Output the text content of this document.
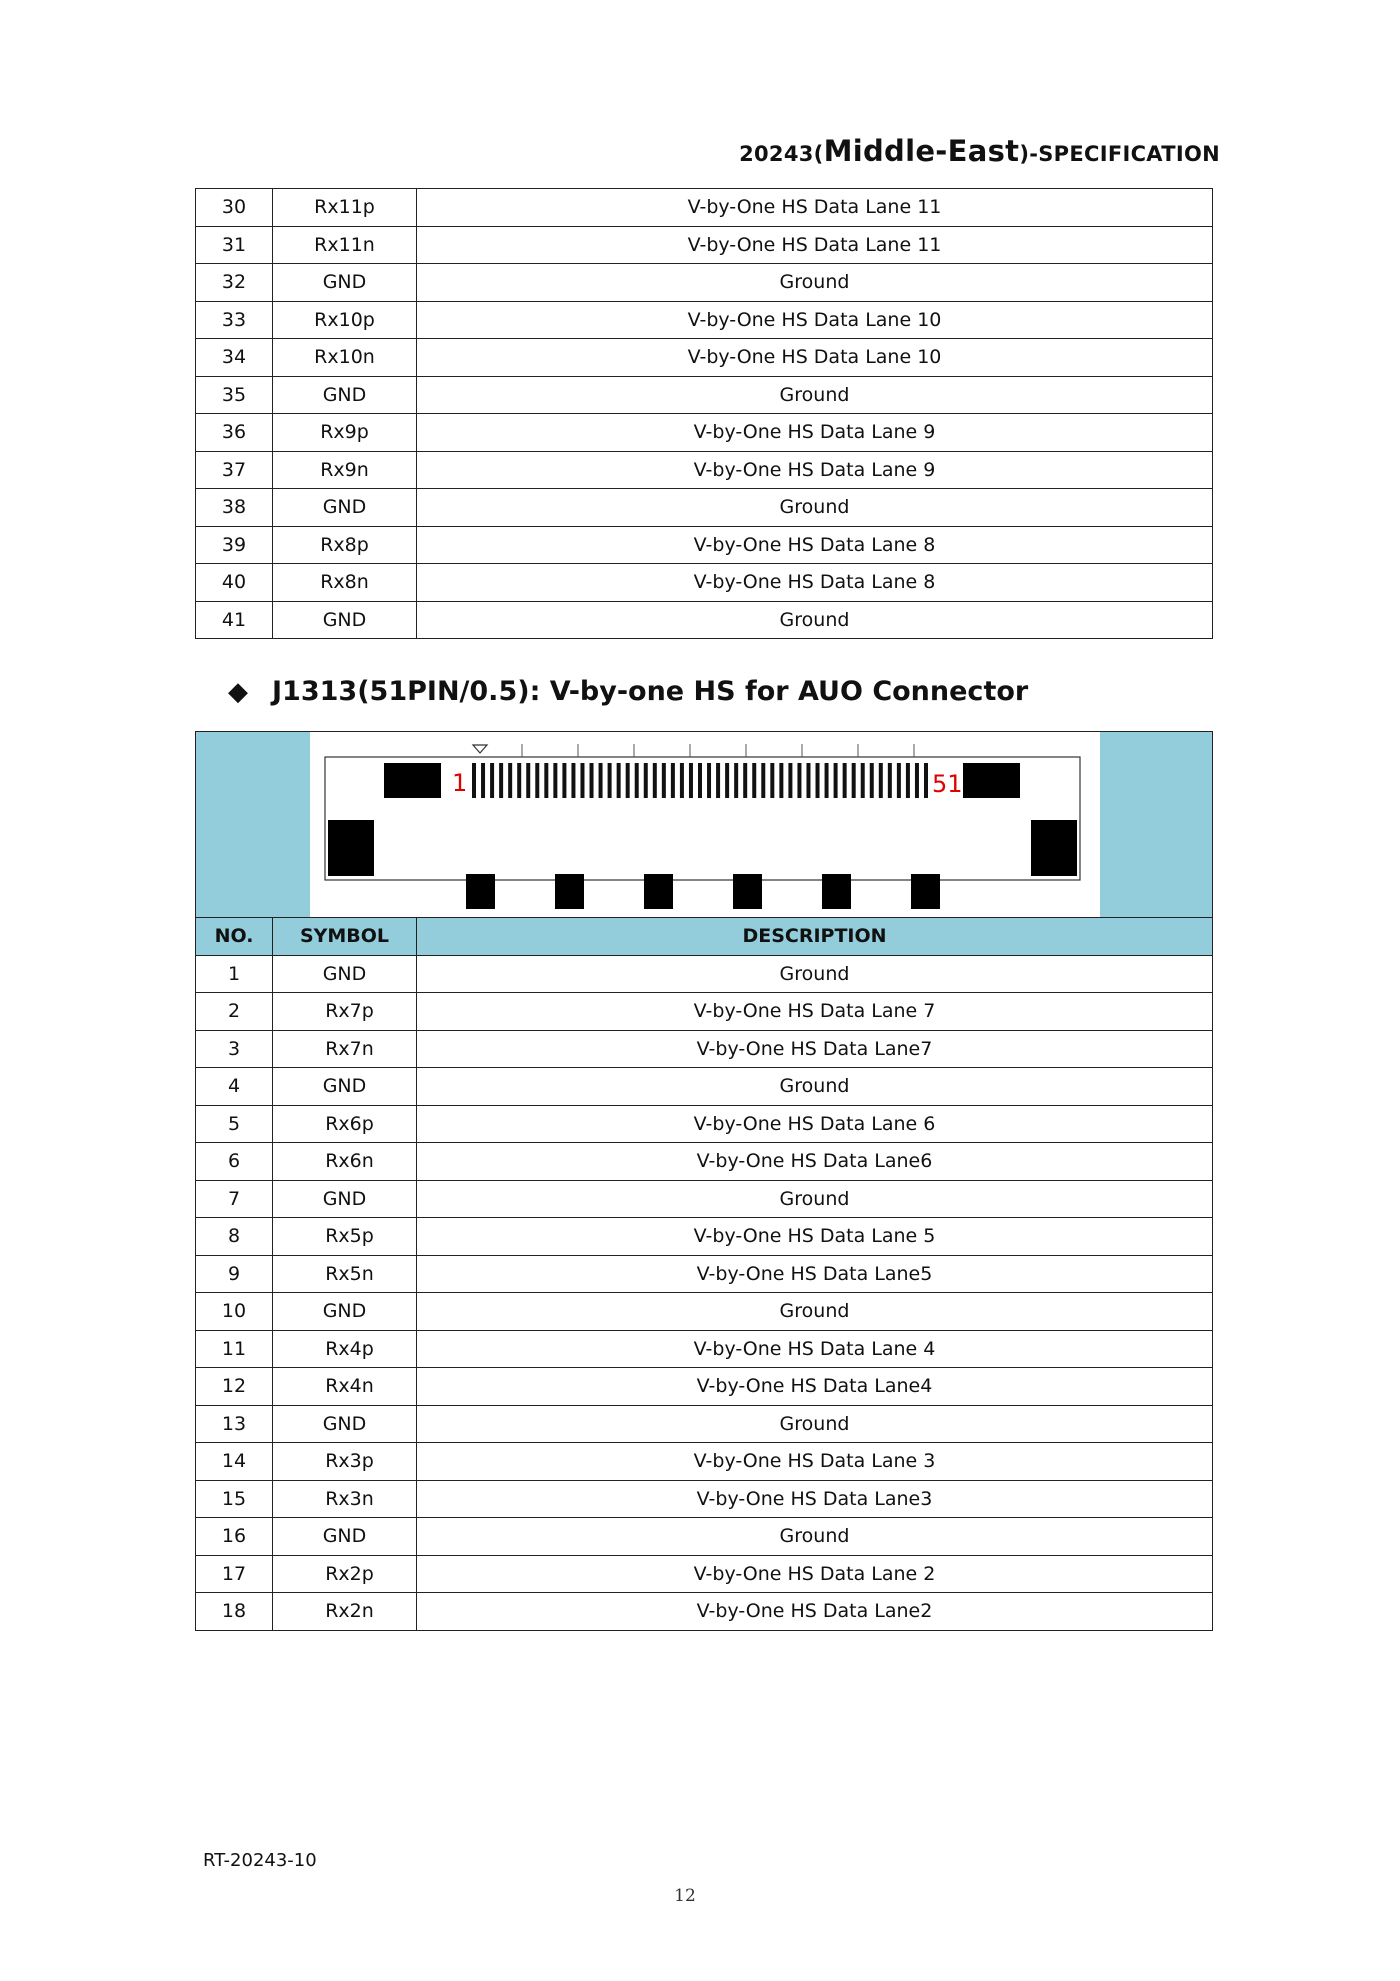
20243(Middle-East)-SPECIFICATION
30	Rx11p	V-by-One HS Data Lane 11
31	Rx11n	V-by-One HS Data Lane 11
32	GND	Ground
33	Rx10p	V-by-One HS Data Lane 10
34	Rx10n	V-by-One HS Data Lane 10
35	GND	Ground
36	Rx9p	V-by-One HS Data Lane 9
37	Rx9n	V-by-One HS Data Lane 9
38	GND	Ground
39	Rx8p	V-by-One HS Data Lane 8
40	Rx8n	V-by-One HS Data Lane 8
41	GND	Ground
◆ J1313(51PIN/0.5): V-by-one HS for AUO Connector
1	51
NO.	SYMBOL	DESCRIPTION
1	GND	Ground
2	Rx7p	V-by-One HS Data Lane 7
3	Rx7n	V-by-One HS Data Lane7
4	GND	Ground
5	Rx6p	V-by-One HS Data Lane 6
6	Rx6n	V-by-One HS Data Lane6
7	GND	Ground
8	Rx5p	V-by-One HS Data Lane 5
9	Rx5n	V-by-One HS Data Lane5
10	GND	Ground
11	Rx4p	V-by-One HS Data Lane 4
12	Rx4n	V-by-One HS Data Lane4
13	GND	Ground
14	Rx3p	V-by-One HS Data Lane 3
15	Rx3n	V-by-One HS Data Lane3
16	GND	Ground
17	Rx2p	V-by-One HS Data Lane 2
18	Rx2n	V-by-One HS Data Lane2
RT-20243-10
12
